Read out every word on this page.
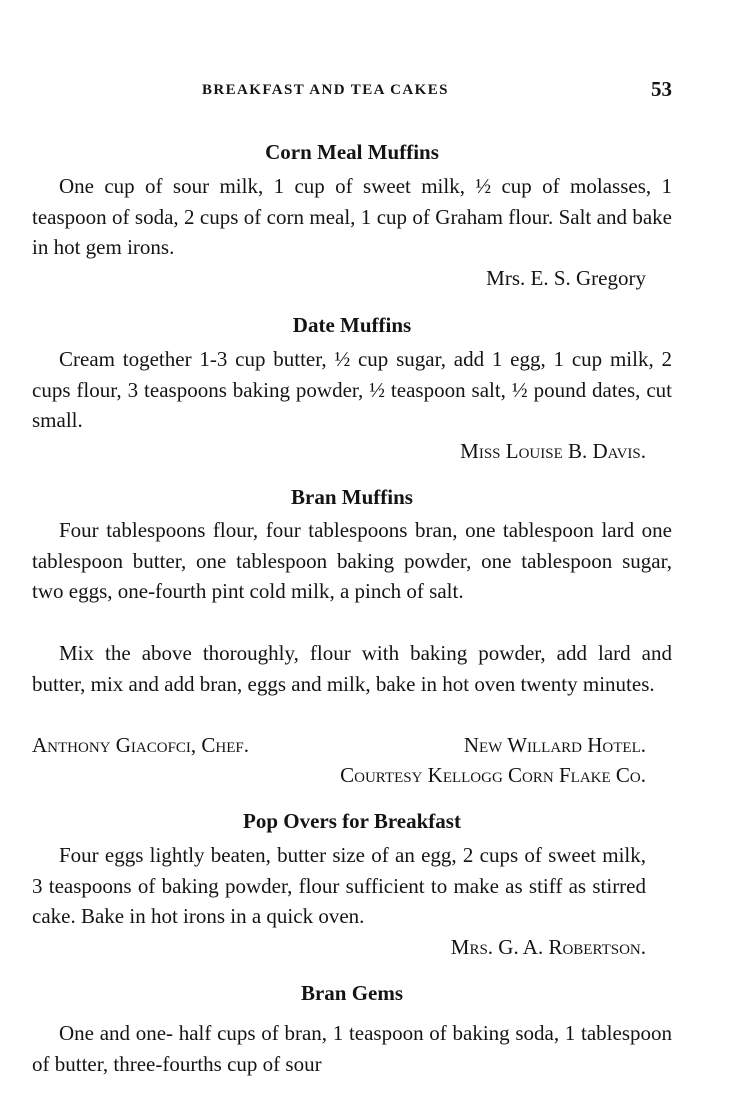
BREAKFAST AND TEA CAKES	53
Corn Meal Muffins

One cup of sour milk, 1 cup of sweet milk, ½ cup of molasses, 1 teaspoon of soda, 2 cups of corn meal, 1 cup of Graham flour. Salt and bake in hot gem irons.

Mrs. E. S. Gregory

Date Muffins

Cream together 1-3 cup butter, ½ cup sugar, add 1 egg, 1 cup milk, 2 cups flour, 3 teaspoons baking powder, ½ teaspoon salt, ½ pound dates, cut small.

Miss Louise B. Davis.

Bran Muffins

Four tablespoons flour, four tablespoons bran, one tablespoon lard one tablespoon butter, one tablespoon baking powder, one tablespoon sugar, two eggs, one-fourth pint cold milk, a pinch of salt.

Mix the above thoroughly, flour with baking powder, add lard and butter, mix and add bran, eggs and milk, bake in hot oven twenty minutes.

Anthony Giacofci, Chef.	New Willard Hotel.

Courtesy Kellogg Corn Flake Co.

Pop Overs for Breakfast

Four eggs lightly beaten, butter size of an egg, 2 cups of sweet milk, 3 teaspoons of baking powder, flour sufficient to make as stiff as stirred cake. Bake in hot irons in a quick oven.

Mrs. G. A. Robertson.

Bran Gems

One and one- half cups of bran, 1 teaspoon of baking soda, 1 tablespoon of butter, three-fourths cup of sour
